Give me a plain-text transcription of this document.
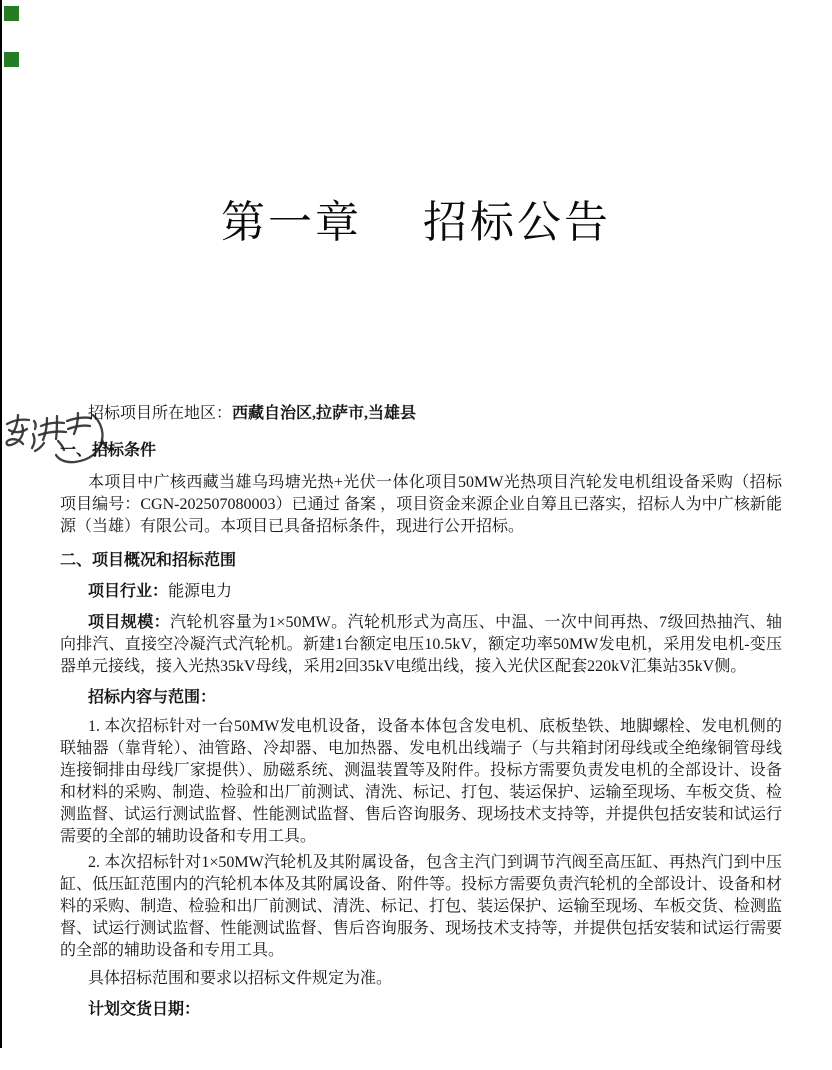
第一章　 招标公告

招标项目所在地区：西藏自治区,拉萨市,当雄县

一、招标条件

本项目中广核西藏当雄乌玛塘光热+光伏一体化项目50MW光热项目汽轮发电机组设备采购（招标项目编号：CGN-202507080003）已通过 备案 ，项目资金来源企业自筹且已落实，招标人为中广核新能源（当雄）有限公司。本项目已具备招标条件，现进行公开招标。

二、项目概况和招标范围

项目行业：能源电力

项目规模：汽轮机容量为1×50MW。汽轮机形式为高压、中温、一次中间再热、7级回热抽汽、轴向排汽、直接空冷凝汽式汽轮机。新建1台额定电压10.5kV，额定功率50MW发电机，采用发电机-变压器单元接线，接入光热35kV母线，采用2回35kV电缆出线，接入光伏区配套220kV汇集站35kV侧。

招标内容与范围：

1. 本次招标针对一台50MW发电机设备，设备本体包含发电机、底板垫铁、地脚螺栓、发电机侧的联轴器（靠背轮）、油管路、冷却器、电加热器、发电机出线端子（与共箱封闭母线或全绝缘铜管母线连接铜排由母线厂家提供）、励磁系统、测温装置等及附件。投标方需要负责发电机的全部设计、设备和材料的采购、制造、检验和出厂前测试、清洗、标记、打包、装运保护、运输至现场、车板交货、检测监督、试运行测试监督、性能测试监督、售后咨询服务、现场技术支持等，并提供包括安装和试运行需要的全部的辅助设备和专用工具。

2. 本次招标针对1×50MW汽轮机及其附属设备，包含主汽门到调节汽阀至高压缸、再热汽门到中压缸、低压缸范围内的汽轮机本体及其附属设备、附件等。投标方需要负责汽轮机的全部设计、设备和材料的采购、制造、检验和出厂前测试、清洗、标记、打包、装运保护、运输至现场、车板交货、检测监督、试运行测试监督、性能测试监督、售后咨询服务、现场技术支持等，并提供包括安装和试运行需要的全部的辅助设备和专用工具。

具体招标范围和要求以招标文件规定为准。

计划交货日期：
